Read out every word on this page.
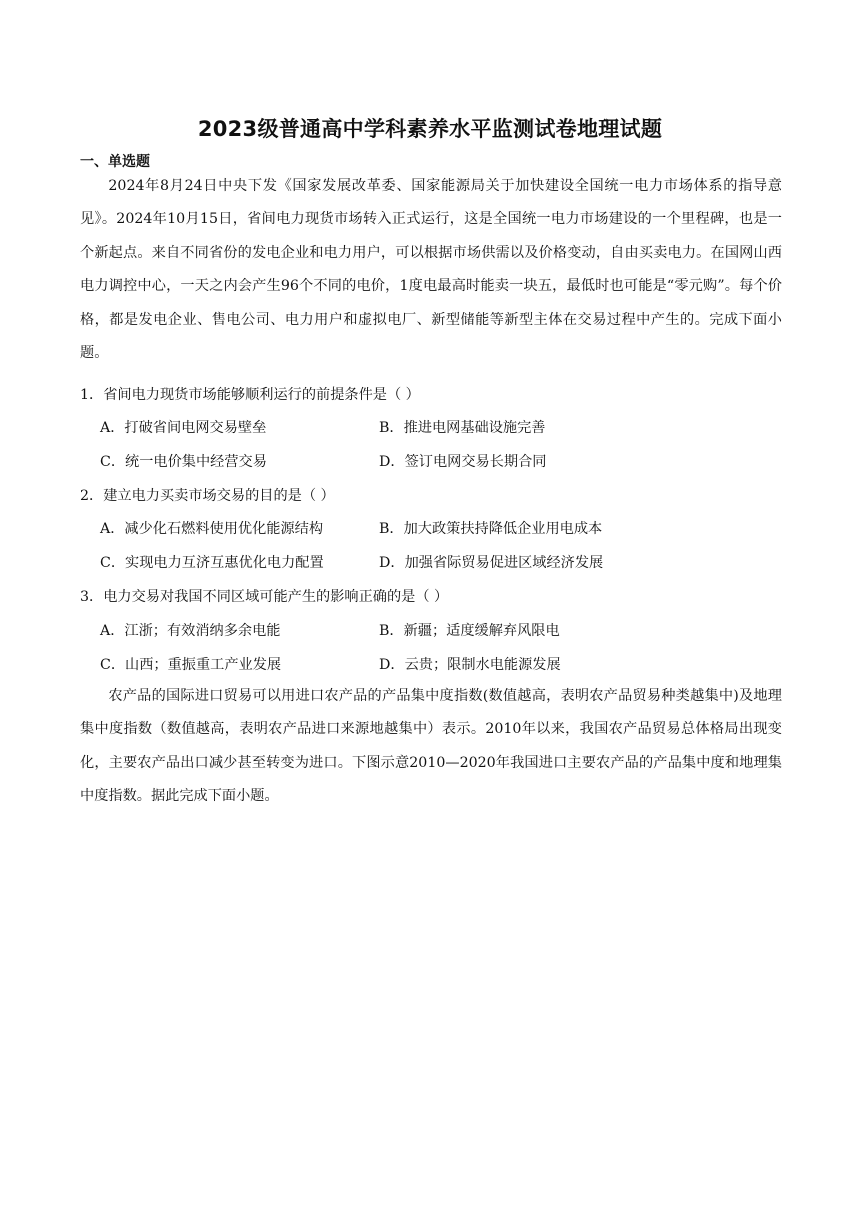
2023级普通高中学科素养水平监测试卷地理试题
一、单选题
2024年8月24日中央下发《国家发展改革委、国家能源局关于加快建设全国统一电力市场体系的指导意见》。2024年10月15日，省间电力现货市场转入正式运行，这是全国统一电力市场建设的一个里程碑，也是一个新起点。来自不同省份的发电企业和电力用户，可以根据市场供需以及价格变动，自由买卖电力。在国网山西电力调控中心，一天之内会产生96个不同的电价，1度电最高时能卖一块五，最低时也可能是“零元购”。每个价格，都是发电企业、售电公司、电力用户和虚拟电厂、新型储能等新型主体在交易过程中产生的。完成下面小题。
1．省间电力现货市场能够顺利运行的前提条件是（ ）
A．打破省间电网交易壁垒	B．推进电网基础设施完善
C．统一电价集中经营交易	D．签订电网交易长期合同
2．建立电力买卖市场交易的目的是（ ）
A．减少化石燃料使用优化能源结构	B．加大政策扶持降低企业用电成本
C．实现电力互济互惠优化电力配置	D．加强省际贸易促进区域经济发展
3．电力交易对我国不同区域可能产生的影响正确的是（ ）
A．江浙；有效消纳多余电能	B．新疆；适度缓解弃风限电
C．山西；重振重工产业发展	D．云贵；限制水电能源发展
农产品的国际进口贸易可以用进口农产品的产品集中度指数(数值越高，表明农产品贸易种类越集中)及地理集中度指数（数值越高，表明农产品进口来源地越集中）表示。2010年以来，我国农产品贸易总体格局出现变化，主要农产品出口减少甚至转变为进口。下图示意2010—2020年我国进口主要农产品的产品集中度和地理集中度指数。据此完成下面小题。
